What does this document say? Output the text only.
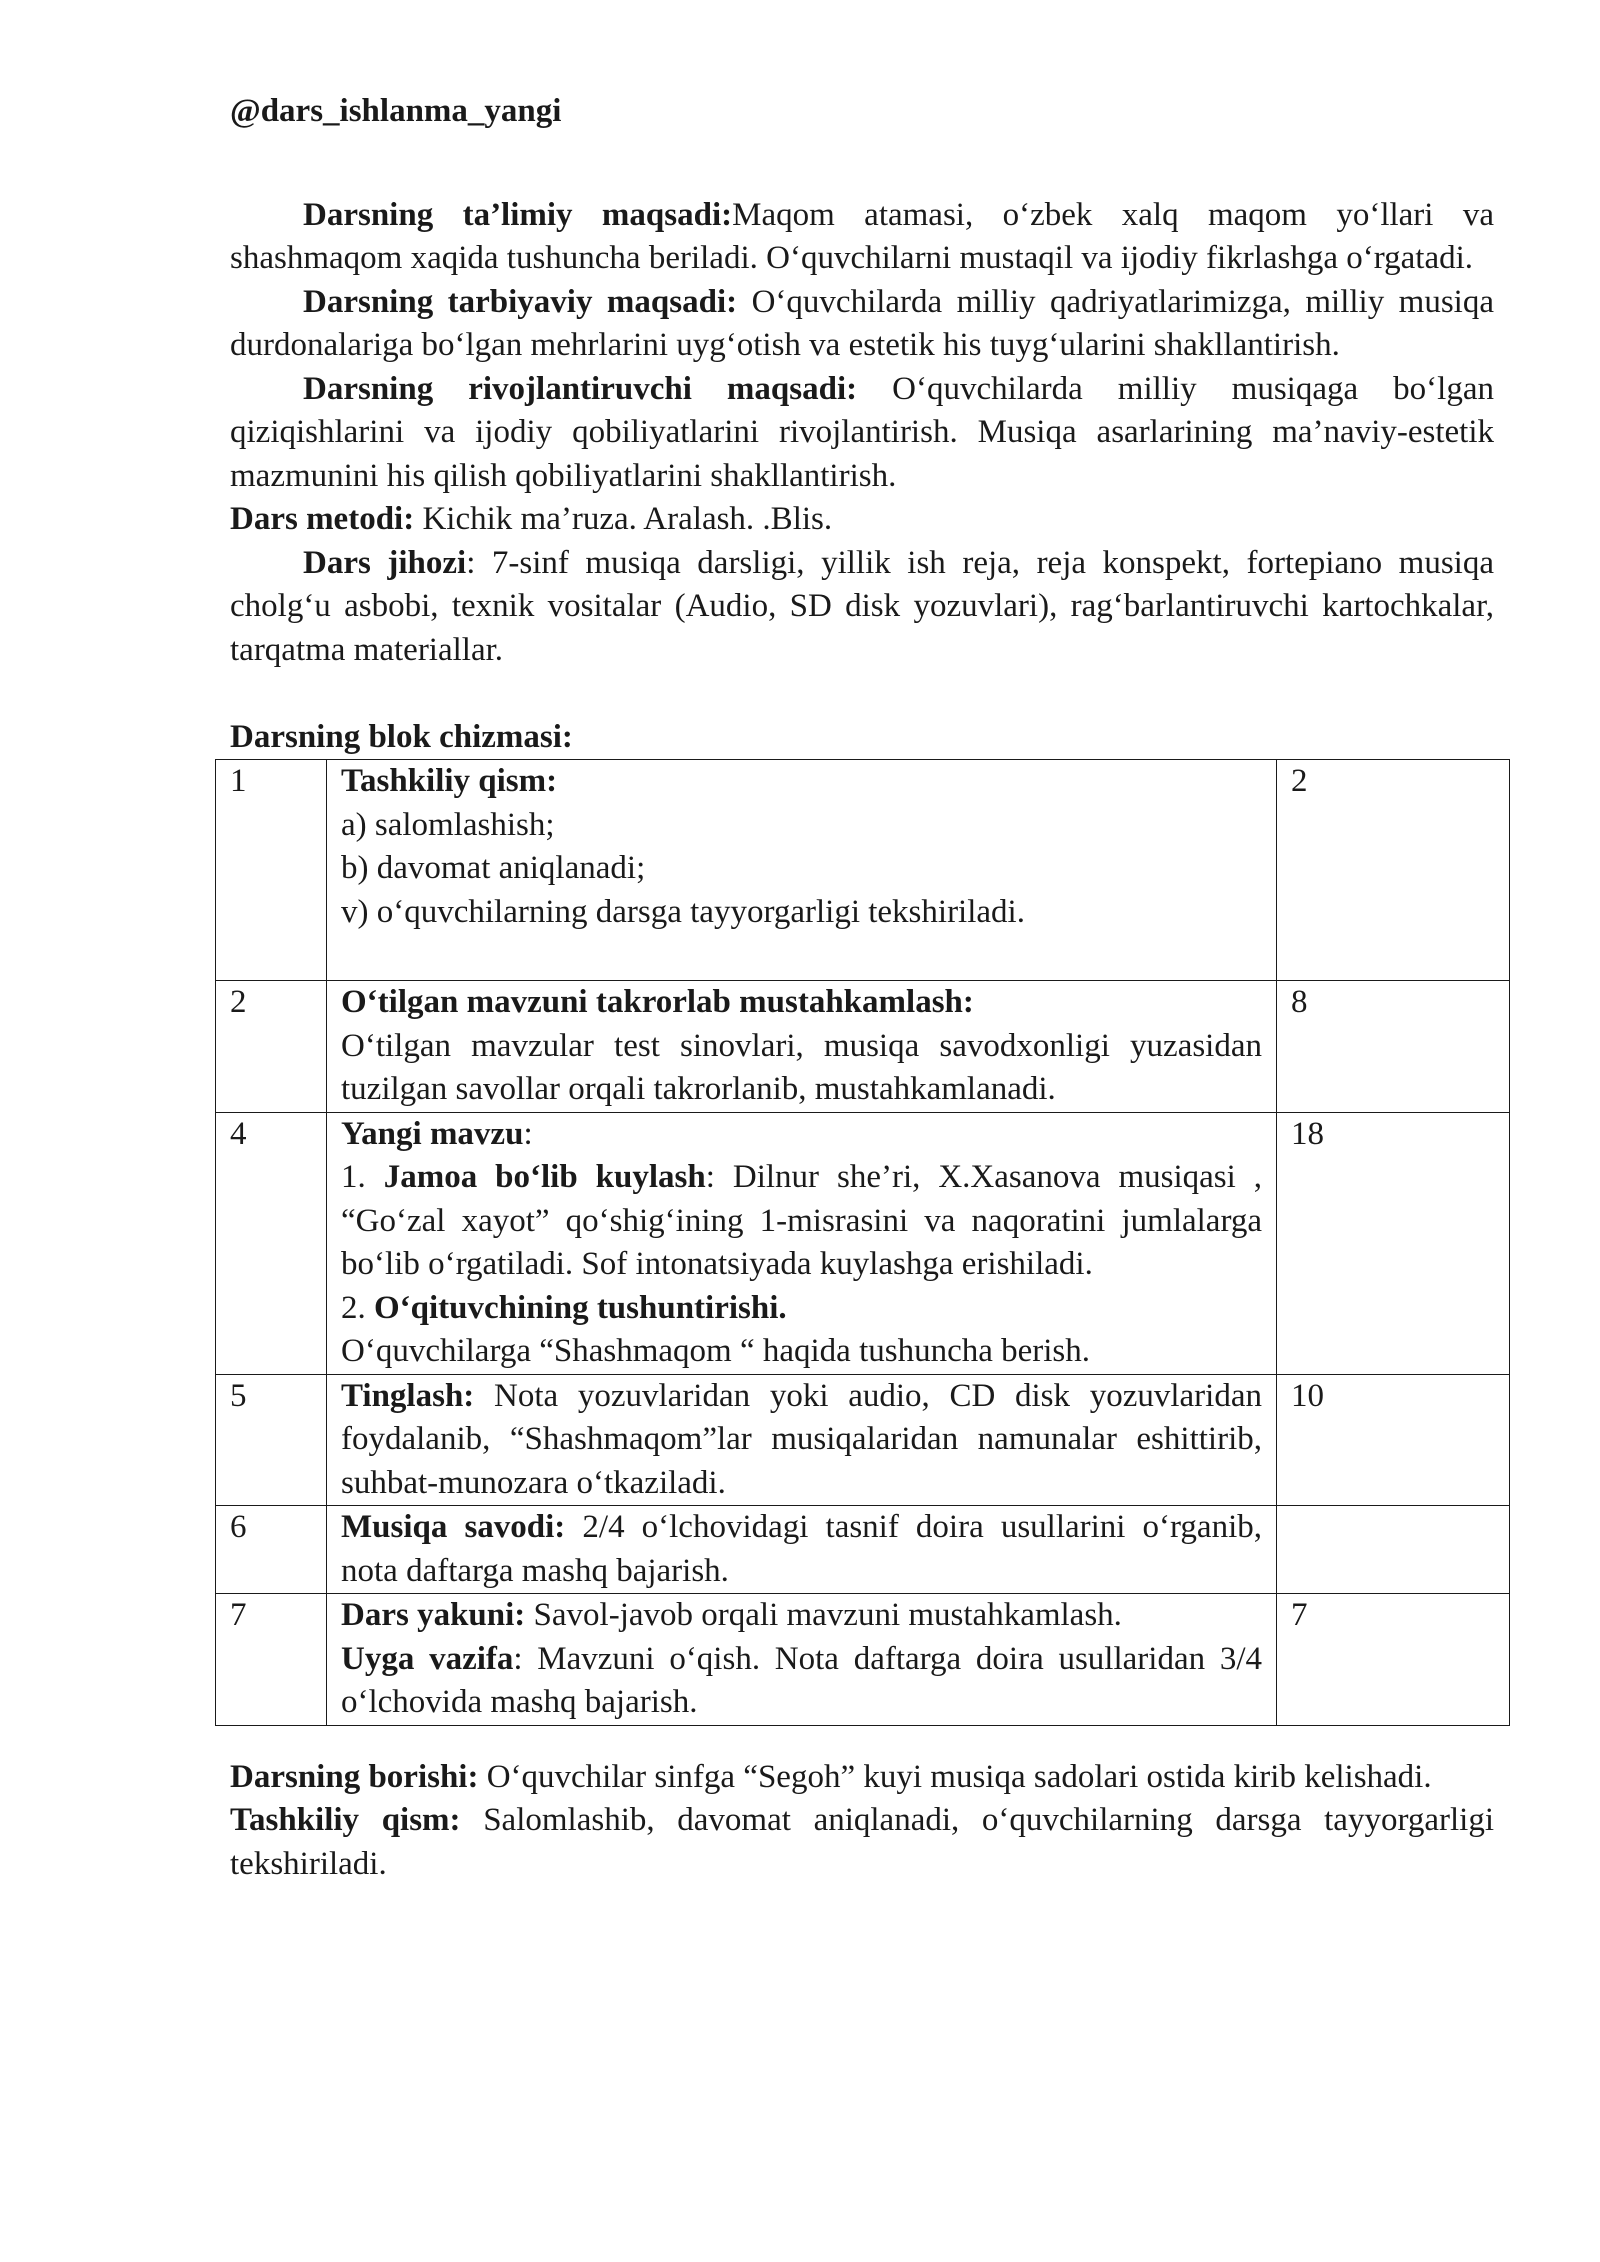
@dars_ishlanma_yangi

Darsning ta’limiy maqsadi:Maqom atamasi, o‘zbek xalq maqom yo‘llari va shashmaqom xaqida tushuncha beriladi. O‘quvchilarni mustaqil va ijodiy fikrlashga o‘rgatadi.

Darsning tarbiyaviy maqsadi: O‘quvchilarda milliy qadriyatlarimizga, milliy musiqa durdonalariga bo‘lgan mehrlarini uyg‘otish va estetik his tuyg‘ularini shakllantirish.

Darsning rivojlantiruvchi maqsadi: O‘quvchilarda milliy musiqaga bo‘lgan qiziqishlarini va ijodiy qobiliyatlarini rivojlantirish. Musiqa asarlarining ma’naviy-estetik mazmunini his qilish qobiliyatlarini shakllantirish.

Dars metodi: Kichik ma’ruza. Aralash. .Blis.

Dars jihozi: 7-sinf musiqa darsligi, yillik ish reja, reja konspekt, fortepiano musiqa cholg‘u asbobi, texnik vositalar (Audio, SD disk yozuvlari), rag‘barlantiruvchi kartochkalar, tarqatma materiallar.

Darsning blok chizmasi:

1	Tashkiliy qism:
a) salomlashish;
b) davomat aniqlanadi;
v) o‘quvchilarning darsga tayyorgarligi tekshiriladi.	2
2	O‘tilgan mavzuni takrorlab mustahkamlash:

O‘tilgan mavzular test sinovlari, musiqa savodxonligi yuzasidan tuzilgan savollar orqali takrorlanib, mustahkamlanadi.	8
4	Yangi mavzu:

1. Jamoa bo‘lib kuylash: Dilnur she’ri, X.Xasanova musiqasi , “Go‘zal xayot” qo‘shig‘ining 1-misrasini va naqoratini jumlalarga bo‘lib o‘rgatiladi. Sof intonatsiyada kuylashga erishiladi.

2. O‘qituvchining tushuntirishi.

O‘quvchilarga “Shashmaqom “ haqida tushuncha berish.	18
5	Tinglash: Nota yozuvlaridan yoki audio, CD disk yozuvlaridan foydalanib, “Shashmaqom”lar musiqalaridan namunalar eshittirib, suhbat-munozara o‘tkaziladi.	10
6	Musiqa savodi: 2/4 o‘lchovidagi tasnif doira usullarini o‘rganib, nota daftarga mashq bajarish.	

7	Dars yakuni: Savol-javob orqali mavzuni mustahkamlash.

Uyga vazifa: Mavzuni o‘qish. Nota daftarga doira usullaridan 3/4 o‘lchovida mashq bajarish.	7

Darsning borishi: O‘quvchilar sinfga “Segoh” kuyi musiqa sadolari ostida kirib kelishadi.

Tashkiliy qism: Salomlashib, davomat aniqlanadi, o‘quvchilarning darsga tayyorgarligi tekshiriladi.
